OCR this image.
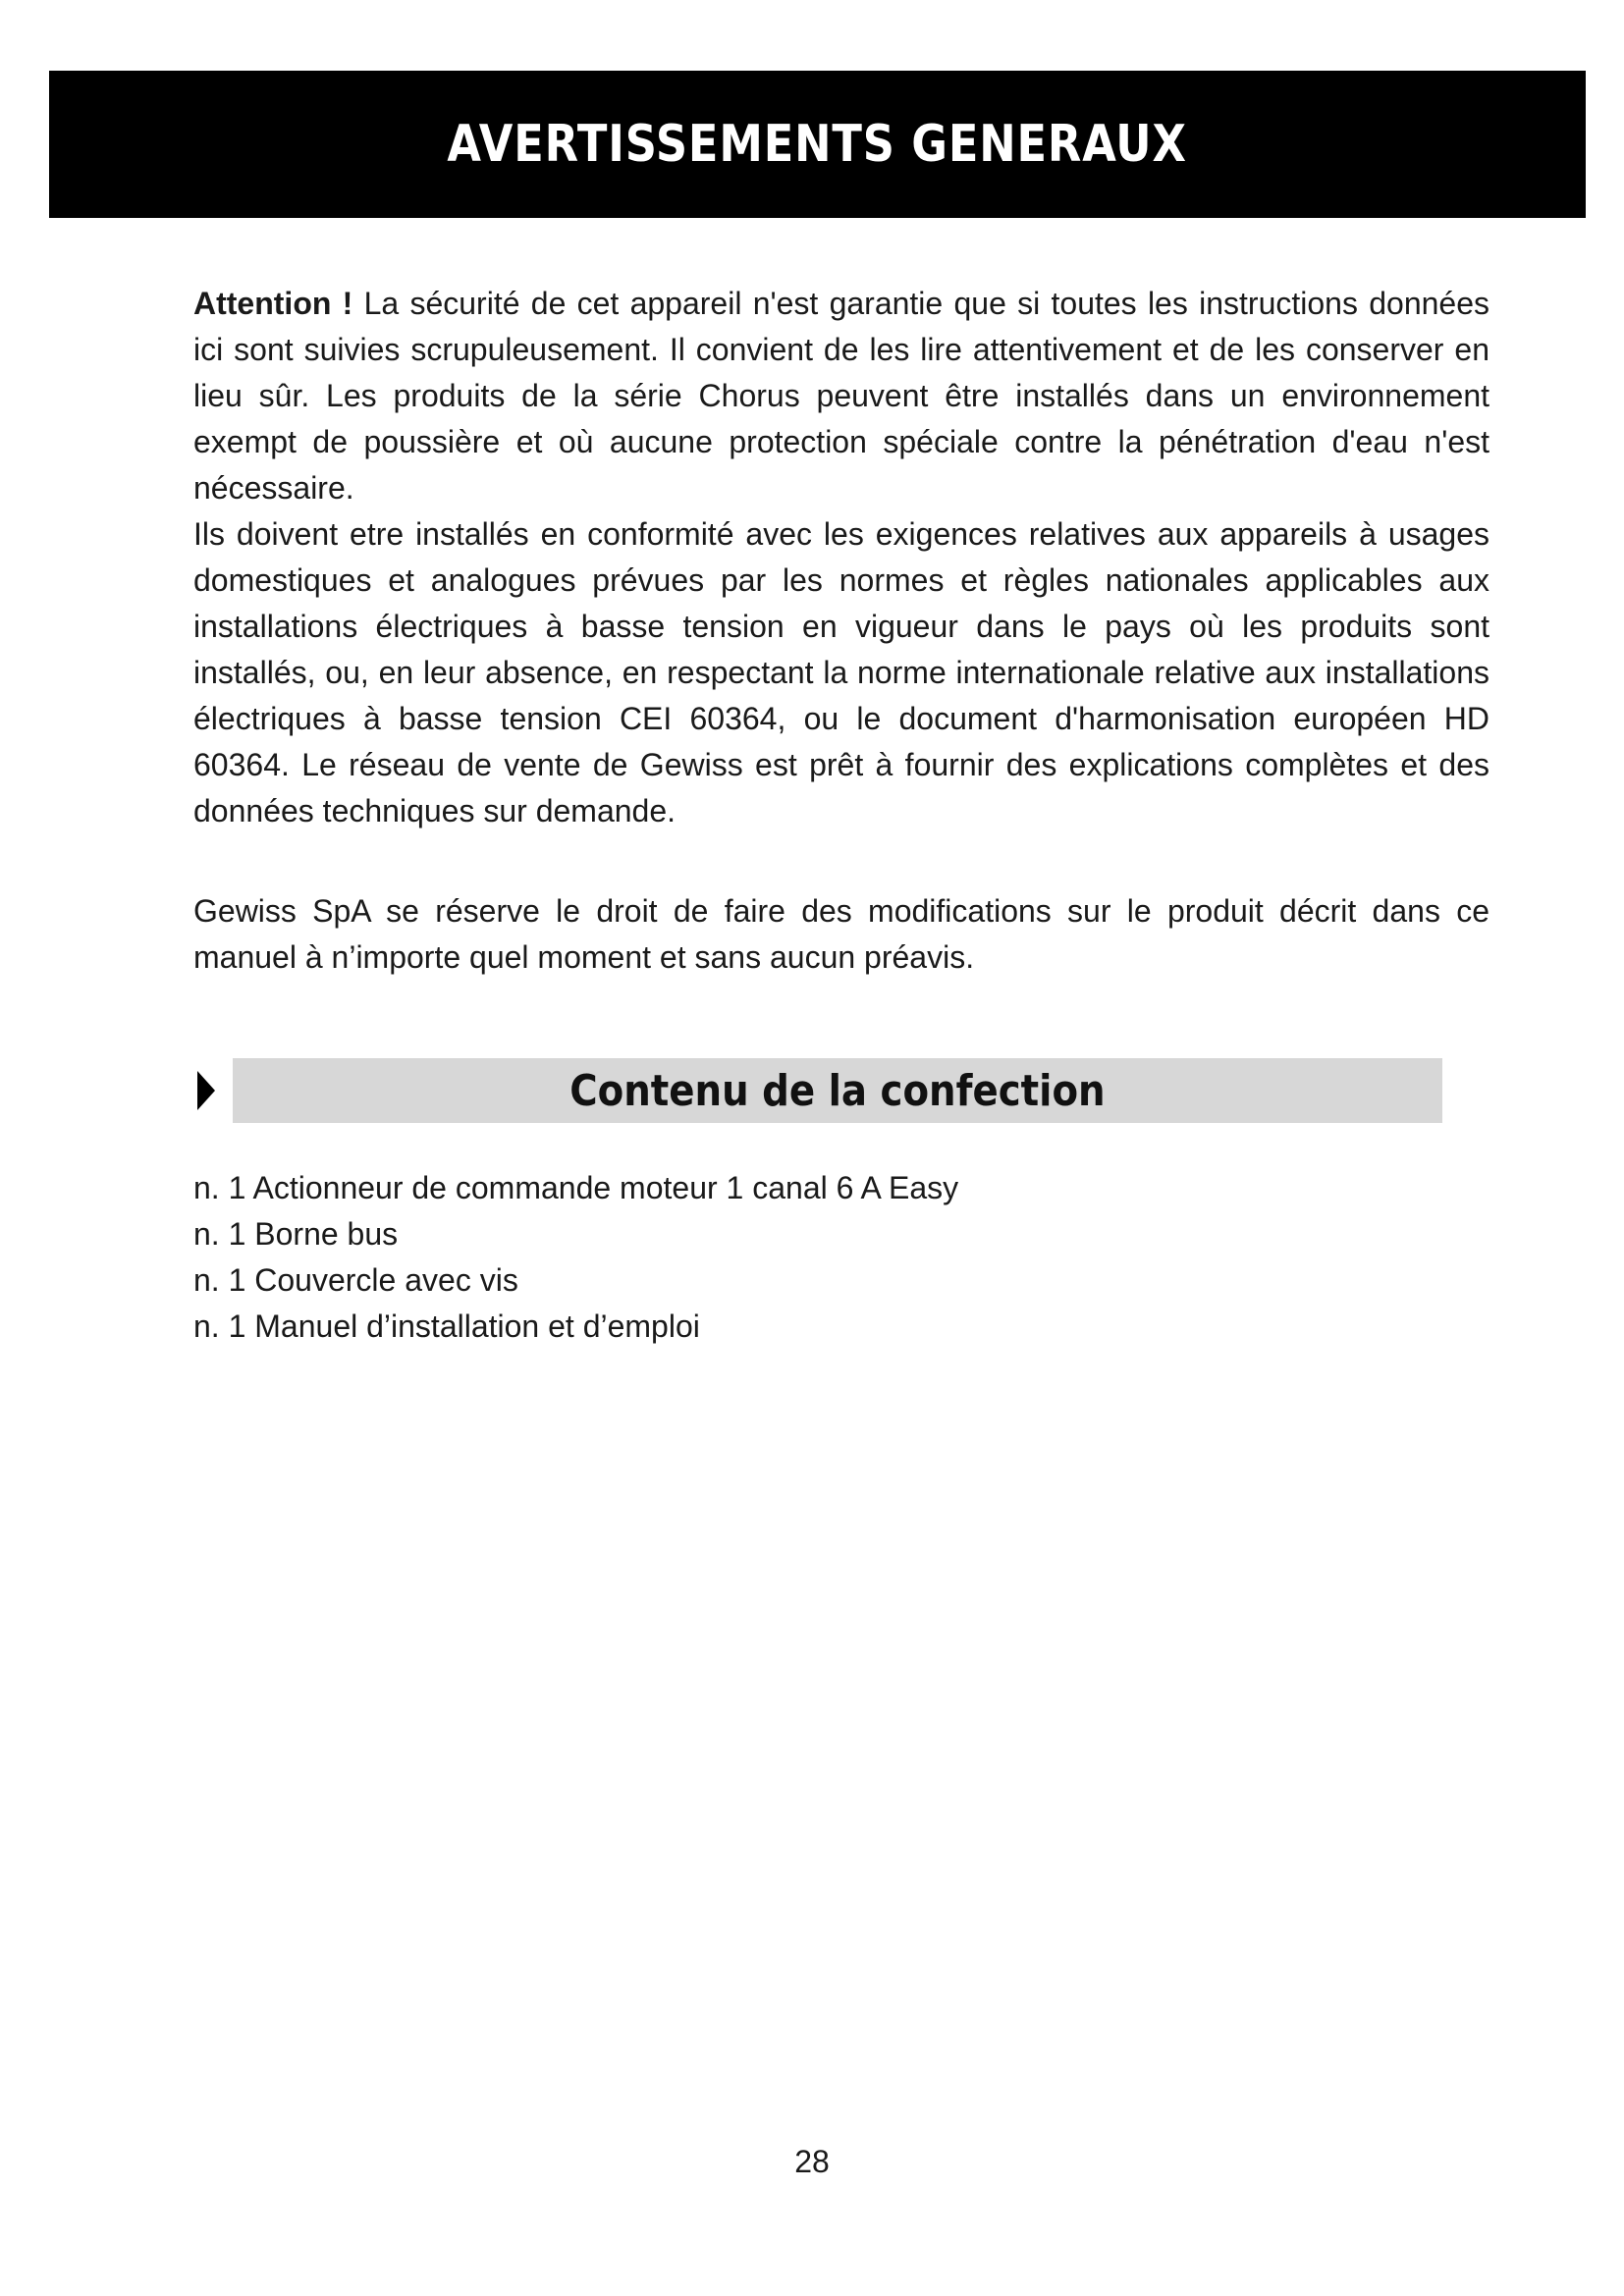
AVERTISSEMENTS GENERAUX

Attention ! La sécurité de cet appareil n'est garantie que si toutes les instructions données ici sont suivies scrupuleusement. Il convient de les lire attentivement et de les conserver en lieu sûr. Les produits de la série Chorus peuvent être installés dans un environnement exempt de poussière et où aucune protection spéciale contre la pénétration d'eau n'est nécessaire.

Ils doivent etre installés en conformité avec les exigences relatives aux appareils à usages domestiques et analogues prévues par les normes et règles nationales applicables aux installations électriques à basse tension en vigueur dans le pays où les produits sont installés, ou, en leur absence, en respectant la norme internationale relative aux installations électriques à basse tension CEI 60364, ou le document d'harmonisation européen HD 60364. Le réseau de vente de Gewiss est prêt à fournir des explications complètes et des données techniques sur demande.

Gewiss SpA se réserve le droit de faire des modifications sur le produit décrit dans ce manuel à n’importe quel moment et sans aucun préavis.

Contenu de la confection
n. 1 Actionneur de commande moteur 1 canal 6 A Easy
n. 1 Borne bus
n. 1 Couvercle avec vis
n. 1 Manuel d’installation et d’emploi
28
